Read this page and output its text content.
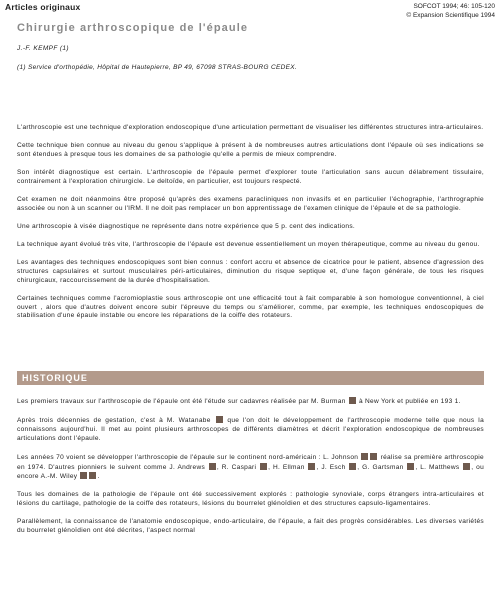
Articles originaux	SOFCOT 1994; 46: 105-120
© Expansion Scientifique 1994
Chirurgie arthroscopique de l'épaule
J.-F. KEMPF (1)
(1) Service d'orthopédie, Hôpital de Hautepierre, BP 49, 67098 STRAS-BOURG CEDEX.

L'arthroscopie est une technique d'exploration endoscopique d'une articulation permettant de visualiser les différentes structures intra-articulaires.

Cette technique bien connue au niveau du genou s'applique à présent à de nombreuses autres articulations dont l'épaule où ses indications se sont étendues à presque tous les domaines de sa pathologie qu'elle a permis de mieux comprendre.

Son intérêt diagnostique est certain. L'arthroscopie de l'épaule permet d'explorer toute l'articulation sans aucun délabrement tissulaire, contrairement à l'exploration chirurgicle. Le deltoïde, en particulier, est toujours respecté.

Cet examen ne doit néanmoins être proposé qu'après des examens paracliniques non invasifs et en particulier l'échographie, l'arthrographie associée ou non à un scanner ou l'IRM. Il ne doit pas remplacer un bon apprentissage de l'examen clinique de l'épaule et de sa pathologie.

Une arthroscopie à visée diagnostique ne représente dans notre expérience que 5 p. cent des indications.

La technique ayant évolué très vite, l'arthroscopie de l'épaule est devenue essentiellement un moyen thérapeutique, comme au niveau du genou.

Les avantages des techniques endoscopiques sont bien connus : confort accru et absence de cicatrice pour le patient, absence d'agression des structures capsulaires et surtout musculaires péri-articulaires, diminution du risque septique et, d'une façon générale, de tous les risques chirurgicaux, raccourcissement de la durée d'hospitalisation.

Certaines techniques comme l'acromioplastie sous arthroscopie ont une efficacité tout à fait comparable à son homologue conventionnel, à ciel ouvert , alors que d'autres doivent encore subir l'épreuve du temps ou s'améliorer, comme, par exemple, les techniques endoscopiques de stabilisation d'une épaule instable ou encore les réparations de la coiffe des rotateurs.

HISTORIQUE

Les premiers travaux sur l'arthroscopie de l'épaule ont été l'étude sur cadavres réalisée par M. Burman à New York et publiée en 193 1.

Après trois décennies de gestation, c'est à M. Watanabe	que l'on doit le développement de l'arthroscopie moderne telle que nous la connaissons aujourd'hui. Il met au point plusieurs arthroscopes de différents diamètres et décrit l'exploration endoscopique de nombreuses articulations dont l'épaule.

Les années 70 voient se développer l'arthroscopie de l'épaule sur le continent nord-américain : L. Johnson	réalise sa première arthroscopie en 1974. D'autres pionniers le suivent comme J. Andrews , R. Caspari , H. Ellman , J. Esch , G. Gartsman , L. Matthews , ou encore A.-M. Wiley	.

Tous les domaines de la pathologie de l'épaule ont été successivement explorés : pathologie synoviale, corps étrangers intra-articulaires et lésions du cartilage, pathologie de la coiffe des rotateurs, lésions du bourrelet glénoïdien et des structures capsulo-ligamentaires.

Parallèlement, la connaissance de l'anatomie endoscopique, endo-articulaire, de l'épaule, a fait des progrès considérables. Les diverses variétés du bourrelet glénoïdien ont été décrites, l'aspect normal
